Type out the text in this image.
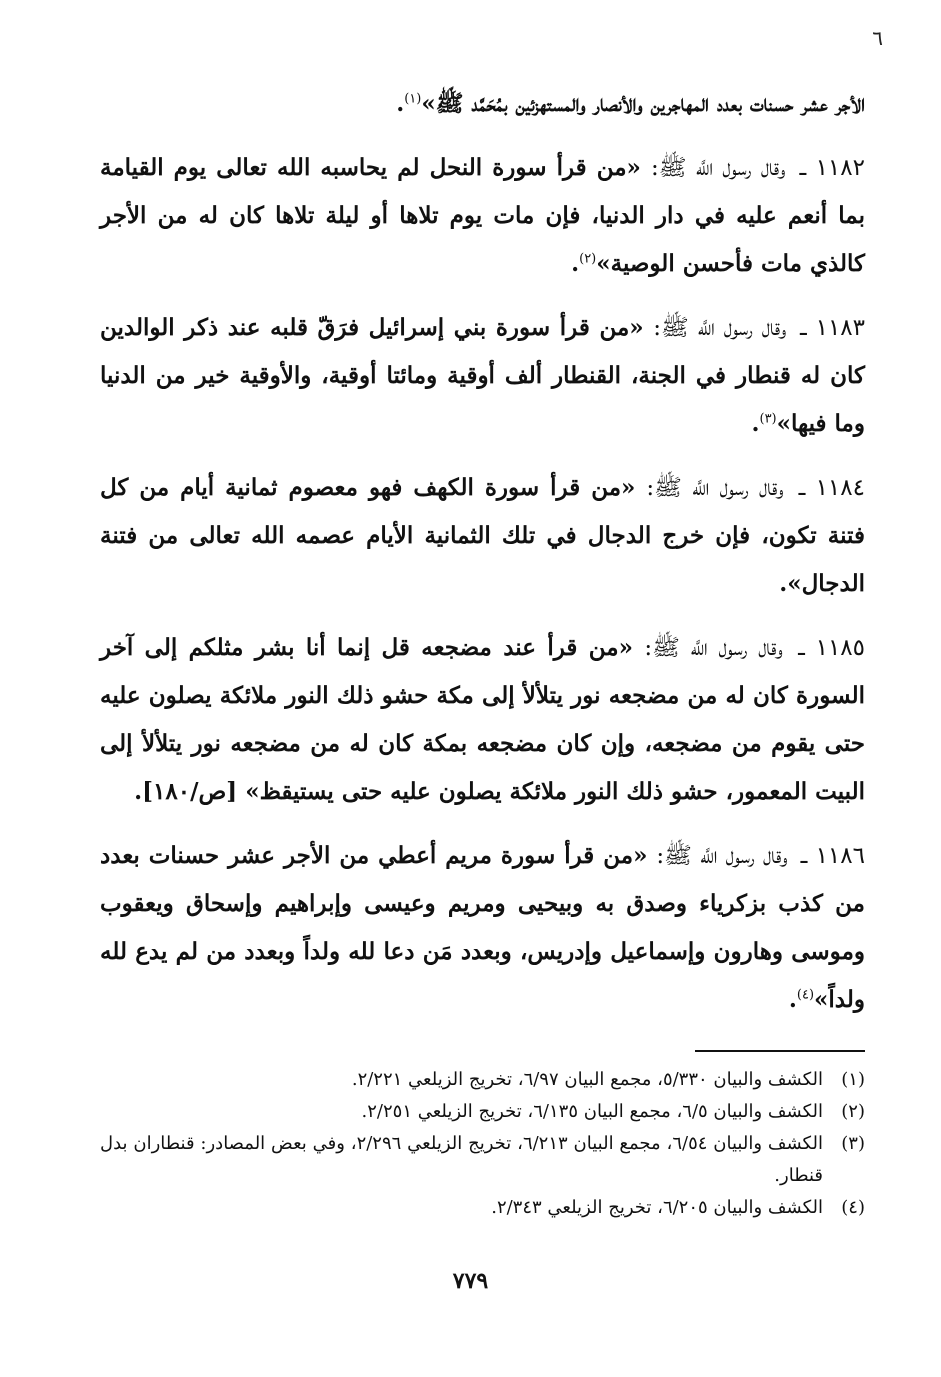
٦

الأجر عشر حسنات بعدد المهاجرين والأنصار والمستهزئين بمُحَمَّد ﷺ»$^{(١)}$.

١١٨٢ ـ وقال رسول اللَّه ﷺ: «من قرأ سورة النحل لم يحاسبه الله تعالى يوم القيامة بما أنعم عليه في دار الدنيا، فإن مات يوم تلاها أو ليلة تلاها كان له من الأجر كالذي مات فأحسن الوصية»$^{(٢)}$.

١١٨٣ ـ وقال رسول اللَّه ﷺ: «من قرأ سورة بني إسرائيل فرَقّ قلبه عند ذكر الوالدين كان له قنطار في الجنة، القنطار ألف أوقية ومائتا أوقية، والأوقية خير من الدنيا وما فيها»$^{(٣)}$.

١١٨٤ ـ وقال رسول اللَّه ﷺ: «من قرأ سورة الكهف فهو معصوم ثمانية أيام من كل فتنة تكون، فإن خرج الدجال في تلك الثمانية الأيام عصمه الله تعالى من فتنة الدجال».

١١٨٥ ـ وقال رسول اللَّه ﷺ: «من قرأ عند مضجعه قل إنما أنا بشر مثلكم إلى آخر السورة كان له من مضجعه نور يتلألأ إلى مكة حشو ذلك النور ملائكة يصلون عليه حتى يقوم من مضجعه، وإن كان مضجعه بمكة كان له من مضجعه نور يتلألأ إلى البيت المعمور، حشو ذلك النور ملائكة يصلون عليه حتى يستيقظ» [ص/١٨٠].

١١٨٦ ـ وقال رسول اللَّه ﷺ: «من قرأ سورة مريم أعطي من الأجر عشر حسنات بعدد من كذب بزكرياء وصدق به وبيحيى ومريم وعيسى وإبراهيم وإسحاق ويعقوب وموسى وهارون وإسماعيل وإدريس، وبعدد مَن دعا لله ولداً وبعدد من لم يدع لله ولداً»$^{(٤)}$.

(١)
الكشف والبيان ٥/٣٣٠، مجمع البيان ٦/٩٧، تخريج الزيلعي ٢/٢٢١.

(٢)
الكشف والبيان ٦/٥، مجمع البيان ٦/١٣٥، تخريج الزيلعي ٢/٢٥١.

(٣)
الكشف والبيان ٦/٥٤، مجمع البيان ٦/٢١٣، تخريج الزيلعي ٢/٢٩٦، وفي بعض المصادر: قنطاران بدل قنطار.

(٤)
الكشف والبيان ٦/٢٠٥، تخريج الزيلعي ٢/٣٤٣.

٧٧٩
